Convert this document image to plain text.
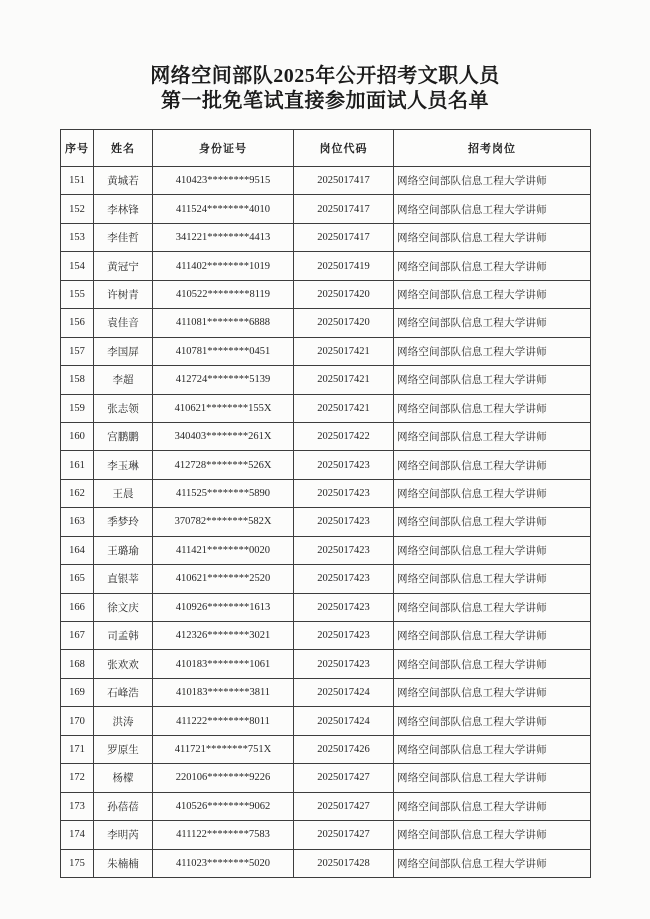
网络空间部队2025年公开招考文职人员
第一批免笔试直接参加面试人员名单
序号	姓名	身份证号	岗位代码	招考岗位
151	黄城若	410423********9515	2025017417	网络空间部队信息工程大学讲师
152	李林锋	411524********4010	2025017417	网络空间部队信息工程大学讲师
153	李佳哲	341221********4413	2025017417	网络空间部队信息工程大学讲师
154	黄冠宁	411402********1019	2025017419	网络空间部队信息工程大学讲师
155	许树青	410522********8119	2025017420	网络空间部队信息工程大学讲师
156	袁佳音	411081********6888	2025017420	网络空间部队信息工程大学讲师
157	李国屏	410781********0451	2025017421	网络空间部队信息工程大学讲师
158	李超	412724********5139	2025017421	网络空间部队信息工程大学讲师
159	张志领	410621********155X	2025017421	网络空间部队信息工程大学讲师
160	宫鹏鹏	340403********261X	2025017422	网络空间部队信息工程大学讲师
161	李玉琳	412728********526X	2025017423	网络空间部队信息工程大学讲师
162	王晨	411525********5890	2025017423	网络空间部队信息工程大学讲师
163	季梦玲	370782********582X	2025017423	网络空间部队信息工程大学讲师
164	王璐瑜	411421********0020	2025017423	网络空间部队信息工程大学讲师
165	直银莘	410621********2520	2025017423	网络空间部队信息工程大学讲师
166	徐文庆	410926********1613	2025017423	网络空间部队信息工程大学讲师
167	司孟韩	412326********3021	2025017423	网络空间部队信息工程大学讲师
168	张欢欢	410183********1061	2025017423	网络空间部队信息工程大学讲师
169	石峰浩	410183********3811	2025017424	网络空间部队信息工程大学讲师
170	洪涛	411222********8011	2025017424	网络空间部队信息工程大学讲师
171	罗原生	411721********751X	2025017426	网络空间部队信息工程大学讲师
172	杨檬	220106********9226	2025017427	网络空间部队信息工程大学讲师
173	孙蓓蓓	410526********9062	2025017427	网络空间部队信息工程大学讲师
174	李明芮	411122********7583	2025017427	网络空间部队信息工程大学讲师
175	朱楠楠	411023********5020	2025017428	网络空间部队信息工程大学讲师
